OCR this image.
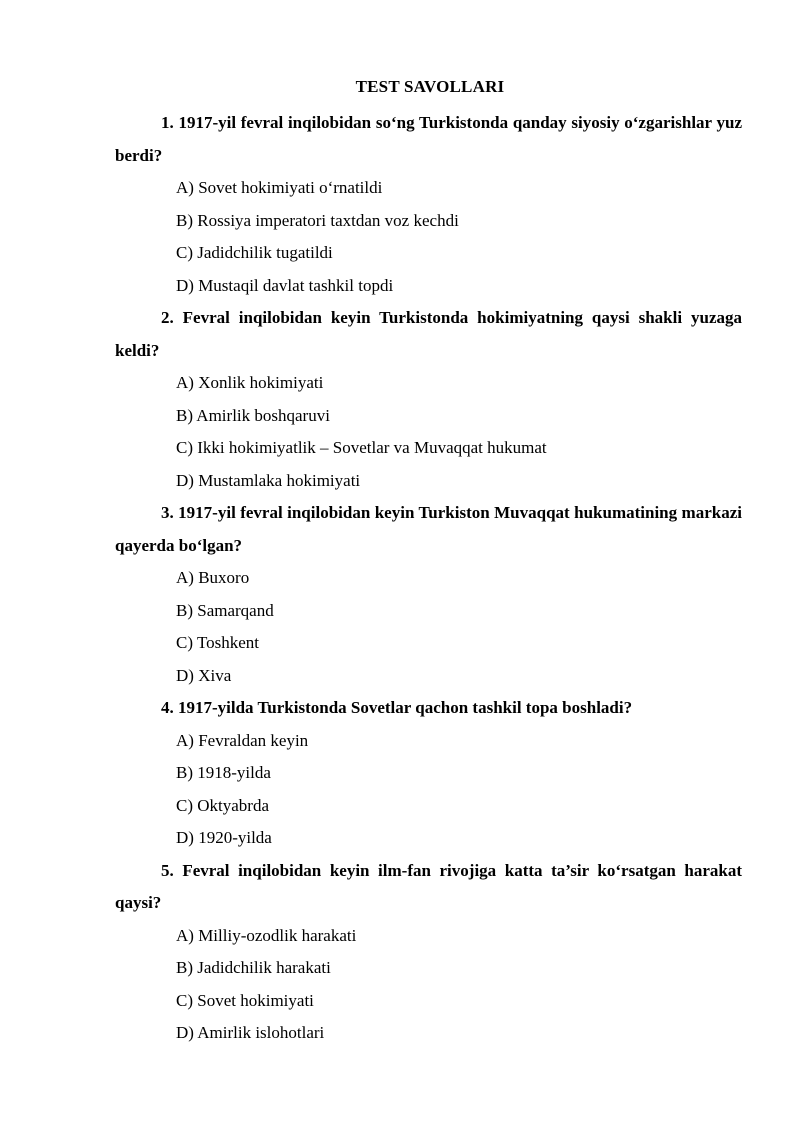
TEST SAVOLLARI

1. 1917-yil fevral inqilobidan so‘ng Turkistonda qanday siyosiy o‘zgarishlar yuz berdi?

A) Sovet hokimiyati o‘rnatildi

B) Rossiya imperatori taxtdan voz kechdi

C) Jadidchilik tugatildi

D) Mustaqil davlat tashkil topdi

2. Fevral inqilobidan keyin Turkistonda hokimiyatning qaysi shakli yuzaga keldi?

A) Xonlik hokimiyati

B) Amirlik boshqaruvi

C) Ikki hokimiyatlik – Sovetlar va Muvaqqat hukumat

D) Mustamlaka hokimiyati

3. 1917-yil fevral inqilobidan keyin Turkiston Muvaqqat hukumatining markazi qayerda bo‘lgan?

A) Buxoro

B) Samarqand

C) Toshkent

D) Xiva

4. 1917-yilda Turkistonda Sovetlar qachon tashkil topa boshladi?

A) Fevraldan keyin

B) 1918-yilda

C) Oktyabrda

D) 1920-yilda

5. Fevral inqilobidan keyin ilm-fan rivojiga katta ta’sir ko‘rsatgan harakat qaysi?

A) Milliy-ozodlik harakati

B) Jadidchilik harakati

C) Sovet hokimiyati

D) Amirlik islohotlari
